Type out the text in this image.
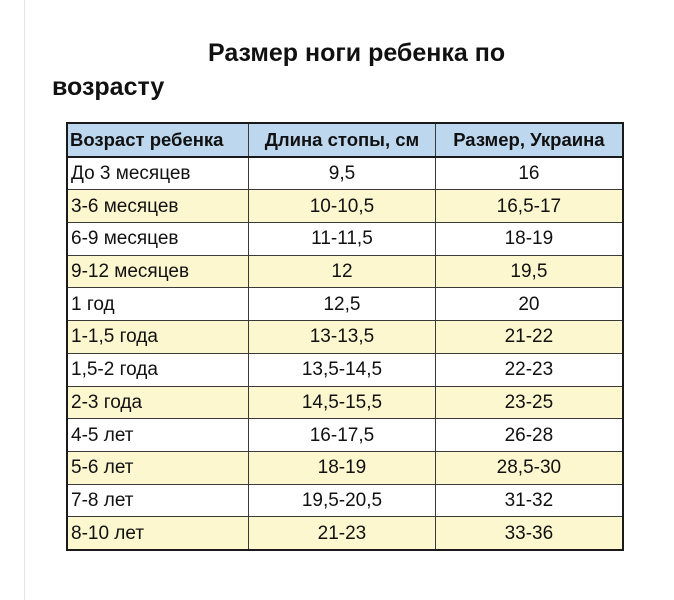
Размер ноги ребенка по возрасту
Возраст ребенка	Длина стопы, см	Размер, Украина
До 3 месяцев	9,5	16
3-6 месяцев	10-10,5	16,5-17
6-9 месяцев	11-11,5	18-19
9-12 месяцев	12	19,5
1 год	12,5	20
1-1,5 года	13-13,5	21-22
1,5-2 года	13,5-14,5	22-23
2-3 года	14,5-15,5	23-25
4-5 лет	16-17,5	26-28
5-6 лет	18-19	28,5-30
7-8 лет	19,5-20,5	31-32
8-10 лет	21-23	33-36
